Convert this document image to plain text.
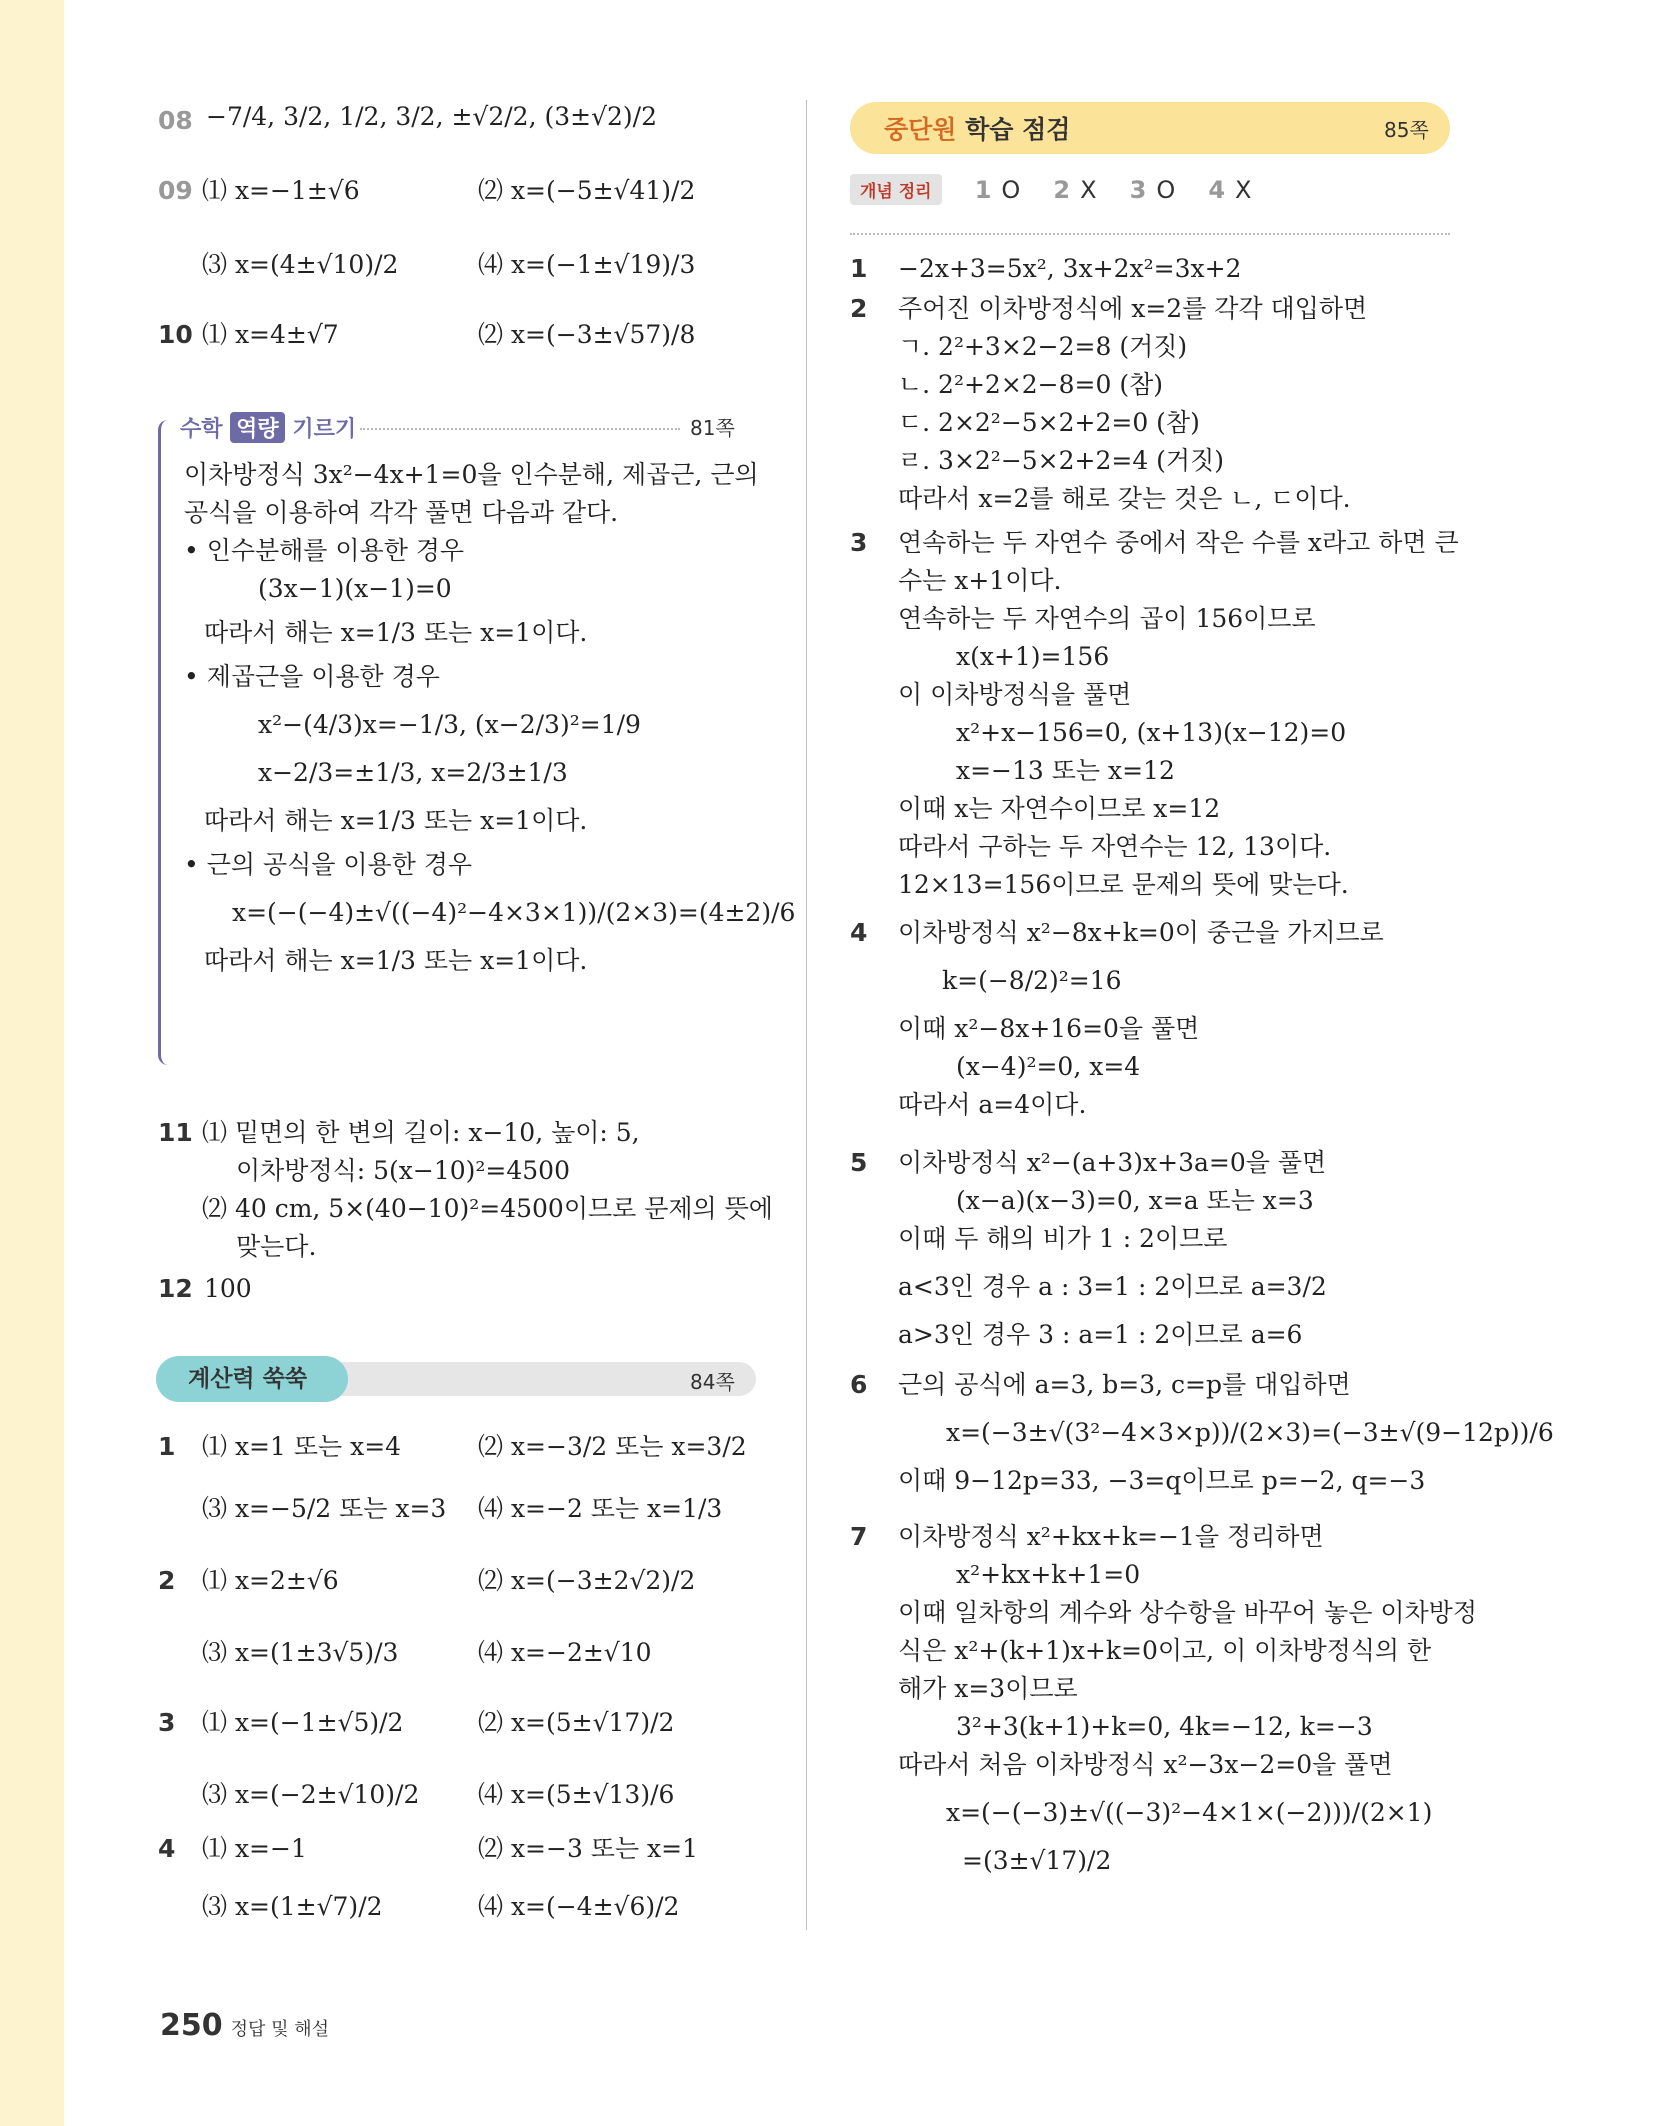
08 −7/4, 3/2, 1/2, 3/2, ±√2/2, (3±√2)/2
09 ⑴ x=−1±√6	⑵ x=(−5±√41)/2
⑶ x=(4±√10)/2	⑷ x=(−1±√19)/3
10 ⑴ x=4±√7	⑵ x=(−3±√57)/8
수학 역량 기르기	81쪽
이차방정식 3x²−4x+1=0을 인수분해, 제곱근, 근의
공식을 이용하여 각각 풀면 다음과 같다.
• 인수분해를 이용한 경우
(3x−1)(x−1)=0
따라서 해는 x=1/3 또는 x=1이다.
• 제곱근을 이용한 경우
x²−(4/3)x=−1/3, (x−2/3)²=1/9
x−2/3=±1/3, x=2/3±1/3
따라서 해는 x=1/3 또는 x=1이다.
• 근의 공식을 이용한 경우
x=(−(−4)±√((−4)²−4×3×1))/(2×3)=(4±2)/6
따라서 해는 x=1/3 또는 x=1이다.
11 ⑴ 밑면의 한 변의 길이: x−10, 높이: 5,
이차방정식: 5(x−10)²=4500
⑵ 40 cm, 5×(40−10)²=4500이므로 문제의 뜻에
맞는다.
12 100
계산력 쑥쑥	84쪽
1 ⑴ x=1 또는 x=4	⑵ x=−3/2 또는 x=3/2
⑶ x=−5/2 또는 x=3 ⑷ x=−2 또는 x=1/3
2 ⑴ x=2±√6	⑵ x=(−3±2√2)/2
⑶ x=(1±3√5)/3	⑷ x=−2±√10
3 ⑴ x=(−1±√5)/2	⑵ x=(5±√17)/2
⑶ x=(−2±√10)/2 ⑷ x=(5±√13)/6
4 ⑴ x=−1	⑵ x=−3 또는 x=1
⑶ x=(1±√7)/2	⑷ x=(−4±√6)/2
중단원 학습 점검	85쪽
개념 정리 1 O 2 X 3 O 4 X
1 −2x+3=5x², 3x+2x²=3x+2
2 주어진 이차방정식에 x=2를 각각 대입하면
ㄱ. 2²+3×2−2=8 (거짓)
ㄴ. 2²+2×2−8=0 (참)
ㄷ. 2×2²−5×2+2=0 (참)
ㄹ. 3×2²−5×2+2=4 (거짓)
따라서 x=2를 해로 갖는 것은 ㄴ, ㄷ이다.
3 연속하는 두 자연수 중에서 작은 수를 x라고 하면 큰
수는 x+1이다.
연속하는 두 자연수의 곱이 156이므로
x(x+1)=156
이 이차방정식을 풀면
x²+x−156=0, (x+13)(x−12)=0
x=−13 또는 x=12
이때 x는 자연수이므로 x=12
따라서 구하는 두 자연수는 12, 13이다.
12×13=156이므로 문제의 뜻에 맞는다.
4 이차방정식 x²−8x+k=0이 중근을 가지므로
k=(−8/2)²=16
이때 x²−8x+16=0을 풀면
(x−4)²=0, x=4
따라서 a=4이다.
5 이차방정식 x²−(a+3)x+3a=0을 풀면
(x−a)(x−3)=0, x=a 또는 x=3
이때 두 해의 비가 1 : 2이므로
a<3인 경우 a : 3=1 : 2이므로 a=3/2
a>3인 경우 3 : a=1 : 2이므로 a=6
6 근의 공식에 a=3, b=3, c=p를 대입하면
x=(−3±√(3²−4×3×p))/(2×3)=(−3±√(9−12p))/6
이때 9−12p=33, −3=q이므로 p=−2, q=−3
7 이차방정식 x²+kx+k=−1을 정리하면
x²+kx+k+1=0
이때 일차항의 계수와 상수항을 바꾸어 놓은 이차방정
식은 x²+(k+1)x+k=0이고, 이 이차방정식의 한
해가 x=3이므로
3²+3(k+1)+k=0, 4k=−12, k=−3
따라서 처음 이차방정식 x²−3x−2=0을 풀면
x=(−(−3)±√((−3)²−4×1×(−2)))/(2×1)
=(3±√17)/2
250 정답 및 해설
